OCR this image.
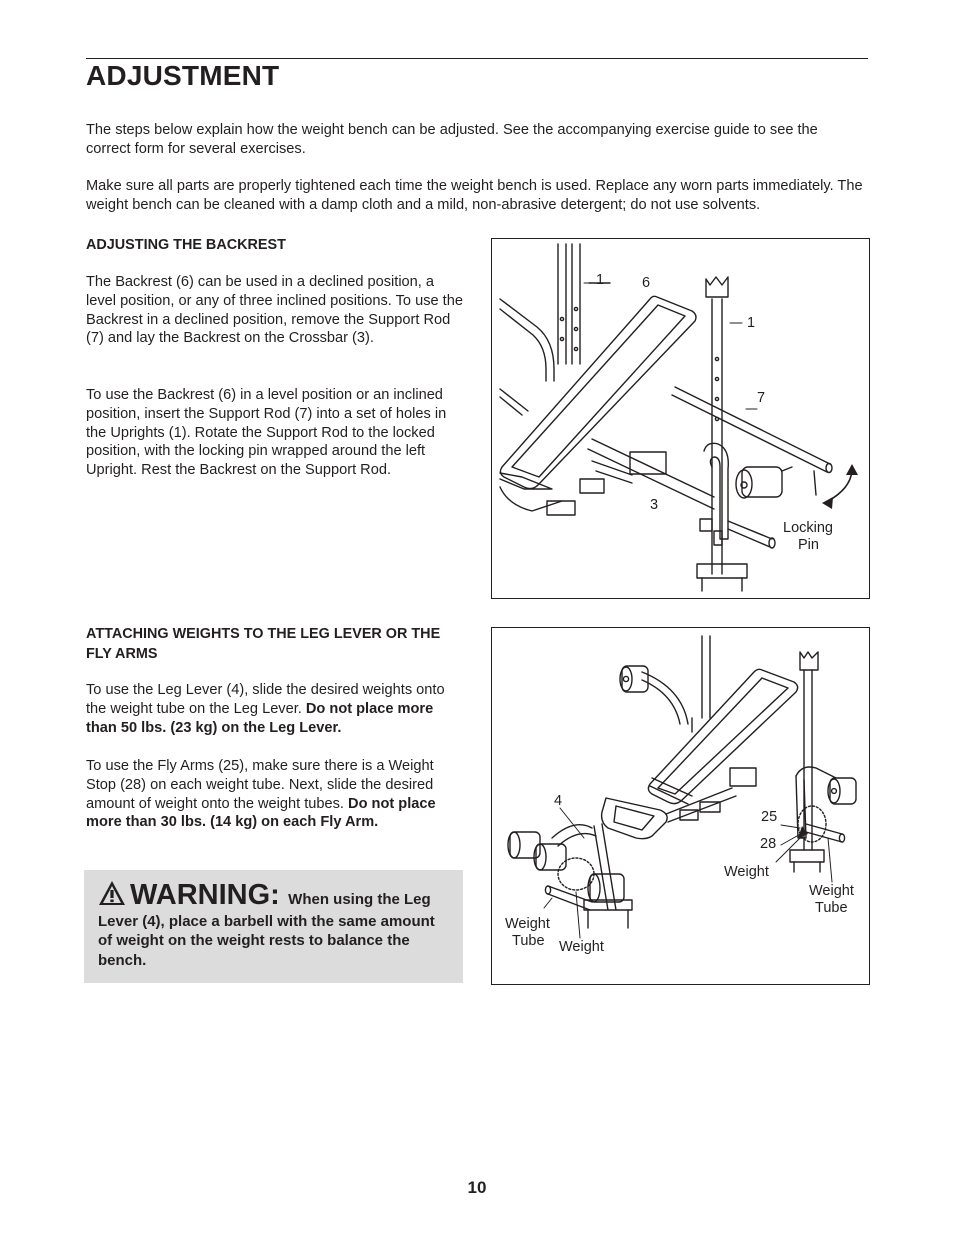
ADJUSTMENT

The steps below explain how the weight bench can be adjusted. See the accompanying exercise guide to see the correct form for several exercises.

Make sure all parts are properly tightened each time the weight bench is used. Replace any worn parts immediately. The weight bench can be cleaned with a damp cloth and a mild, non-abrasive detergent; do not use solvents.

ADJUSTING THE BACKREST

The Backrest (6) can be used in a declined position, a level position, or any of three inclined positions. To use the Backrest in a declined position, remove the Support Rod (7) and lay the Backrest on the Crossbar (3).

To use the Backrest (6) in a level position or an inclined position, insert the Support Rod (7) into a set of holes in the Uprights (1). Rotate the Support Rod to the locked position, with the locking pin wrapped around the left Upright. Rest the Backrest on the Support Rod.

ATTACHING WEIGHTS TO THE LEG LEVER OR THE FLY ARMS

To use the Leg Lever (4), slide the desired weights onto the weight tube on the Leg Lever. Do not place more than 50 lbs. (23 kg) on the Leg Lever.

To use the Fly Arms (25), make sure there is a Weight Stop (28) on each weight tube. Next, slide the desired amount of weight onto the weight tubes. Do not place more than 30 lbs. (14 kg) on each Fly Arm.

WARNING: When using the Leg Lever (4), place a barbell with the same amount of weight on the weight rests to balance the bench.

1	6
1
7
3
Locking
Pin
4
25
28
Weight
Weight
Tube
Weight
Tube Weight
10
